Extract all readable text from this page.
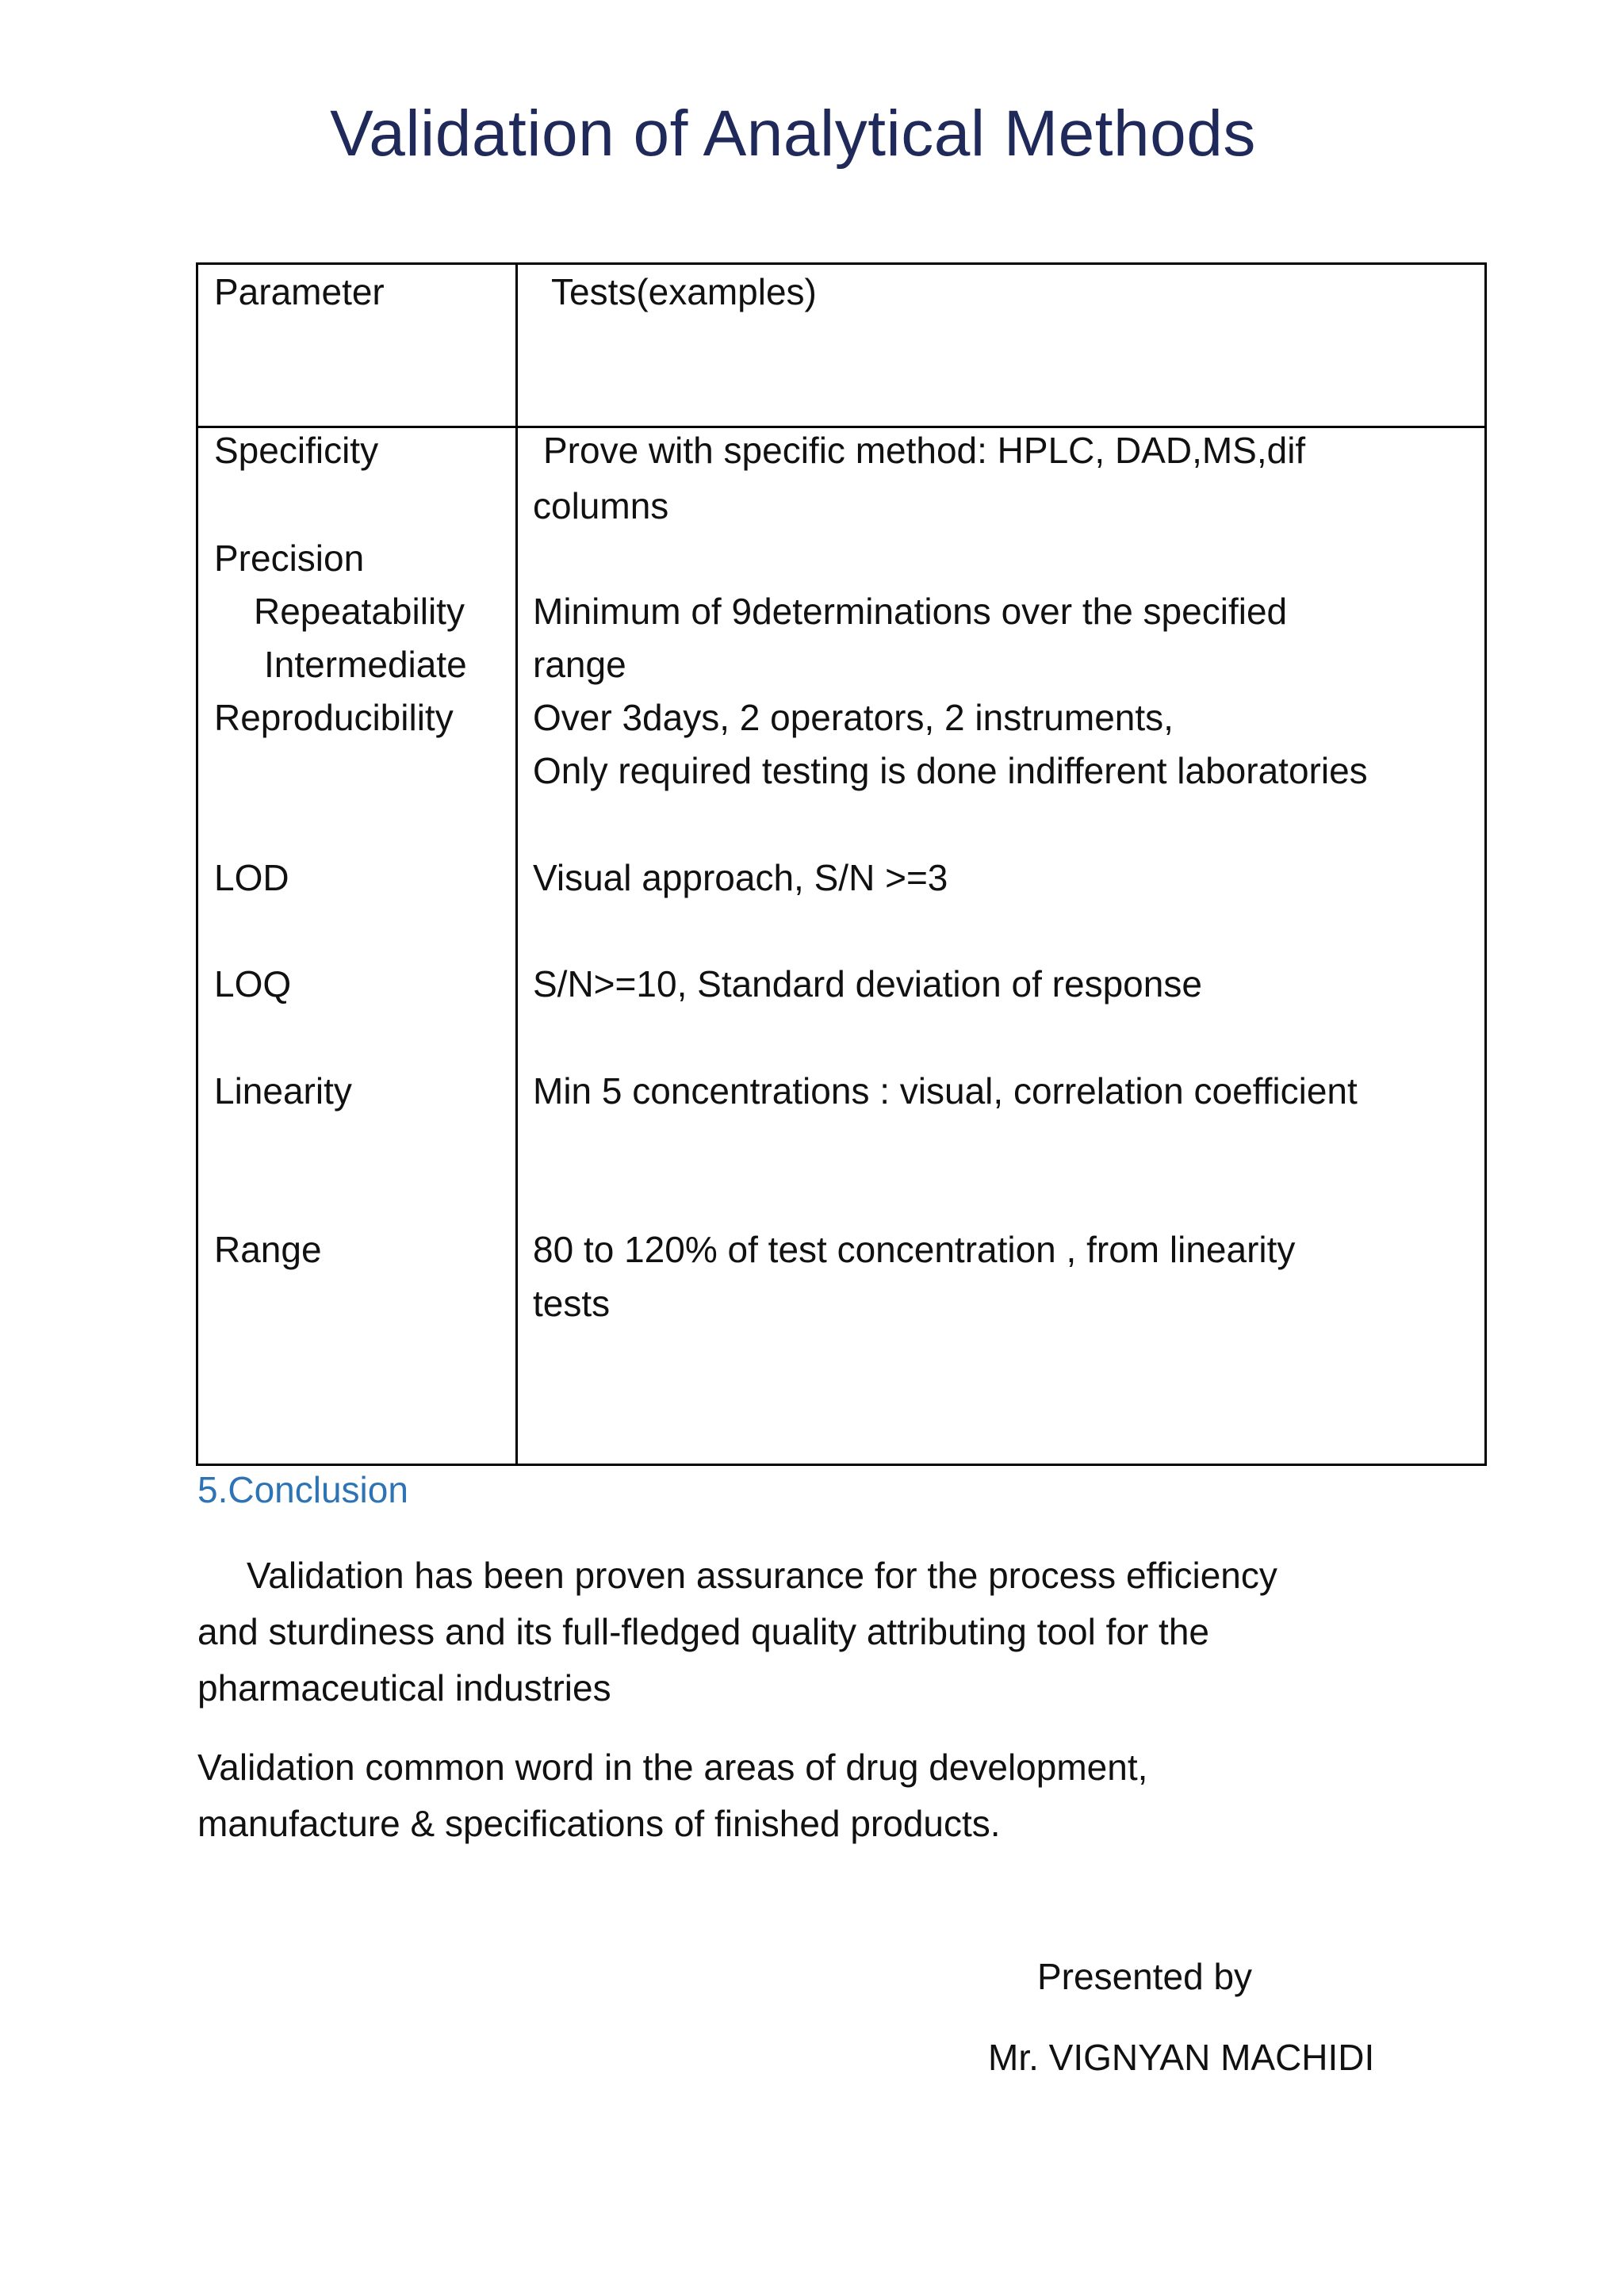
Validation of Analytical Methods
Parameter	Tests(examples)
Specificity
Precision
Repeatability
Intermediate
Reproducibility
LOD
LOQ
Linearity
Range
Prove with specific method: HPLC, DAD,MS,dif
columns
Minimum of 9determinations over the specified
range
Over 3days, 2 operators, 2 instruments,
Only required testing is done indifferent laboratories
Visual approach, S/N >=3
S/N>=10, Standard deviation of response
Min 5 concentrations : visual, correlation coefficient
80 to 120% of test concentration , from linearity
tests
5.Conclusion
Validation has been proven assurance for the process efficiency
and sturdiness and its full-fledged quality attributing tool for the
pharmaceutical industries
Validation common word in the areas of drug development,
manufacture & specifications of finished products.
Presented by
Mr. VIGNYAN MACHIDI
